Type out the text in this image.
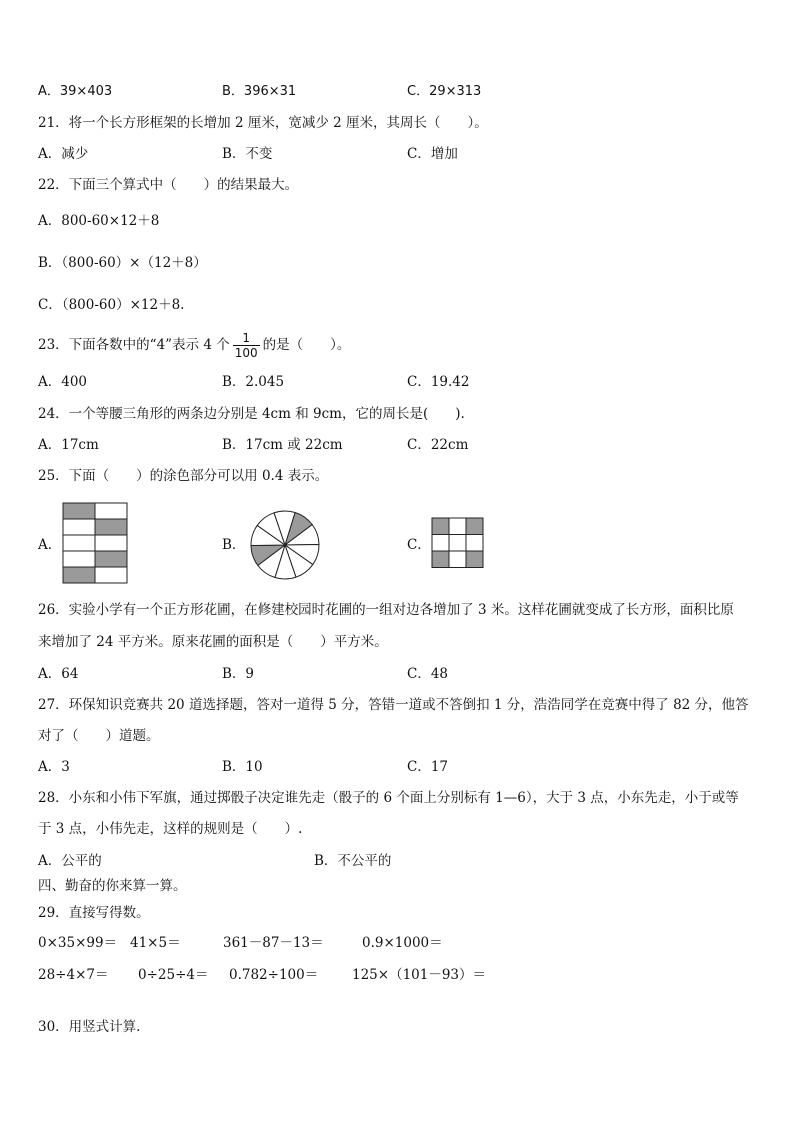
A．39×403	B．396×31	C．29×313
21．将一个长方形框架的长增加 2 厘米，宽减少 2 厘米，其周长（　　）。
A．减少	B．不变	C．增加
22．下面三个算式中（　　）的结果最大。
A．800-60×12＋8
B．（800-60）×（12＋8）
C．（800-60）×12＋8.
23．下面各数中的“4”表示 4 个 $\frac{1}{100}$ 的是（　　）。
A．400	B．2.045	C．19.42
24．一个等腰三角形的两条边分别是 4cm 和 9cm，它的周长是(　　).
A．17cm	B．17cm 或 22cm	C．22cm
25．下面（　　）的涂色部分可以用 0.4 表示。
A．	B．	C．
26．实验小学有一个正方形花圃，在修建校园时花圃的一组对边各增加了 3 米。这样花圃就变成了长方形，面积比原
来增加了 24 平方米。原来花圃的面积是（　　）平方米。
A．64	B．9	C．48
27．环保知识竞赛共 20 道选择题，答对一道得 5 分，答错一道或不答倒扣 1 分，浩浩同学在竞赛中得了 82 分，他答
对了（　　）道题。
A．3	B．10	C．17
28．小东和小伟下军旗，通过掷骰子决定谁先走（骰子的 6 个面上分别标有 1—6），大于 3 点，小东先走，小于或等
于 3 点，小伟先走，这样的规则是（　　）.
A．公平的	B．不公平的
四、勤奋的你来算一算。
29．直接写得数。
0×35×99＝ 41×5＝	361－87－13＝	0.9×1000＝
28÷4×7＝ 0÷25÷4＝ 0.782÷100＝	125×（101－93）＝
30．用竖式计算.
